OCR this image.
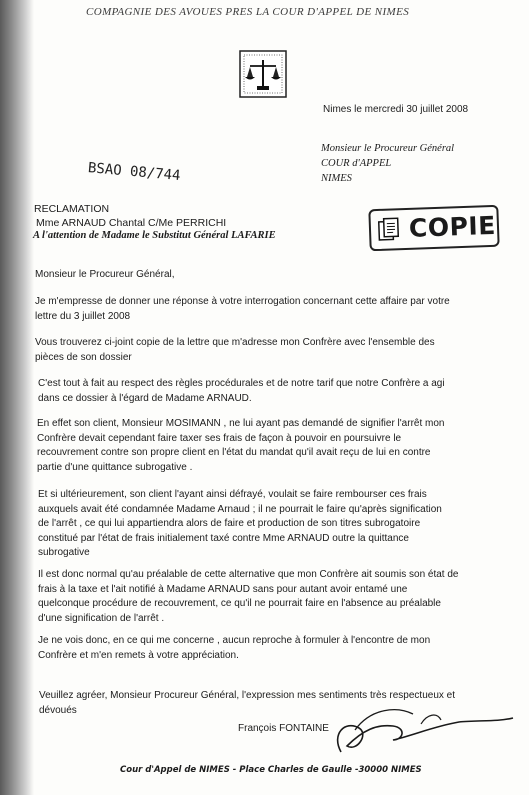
COMPAGNIE DES AVOUES PRES LA COUR D'APPEL DE NIMES
Nimes le mercredi 30 juillet 2008
Monsieur le Procureur Général
COUR d'APPEL
NIMES
BSAO 08/744
COPIE
RECLAMATION
Mme ARNAUD Chantal C/Me PERRICHI
A l'attention de Madame le Substitut Général LAFARIE
Monsieur le Procureur Général,
Je m'empresse de donner une réponse à votre interrogation concernant cette affaire par votre
lettre du 3 juillet 2008
Vous trouverez ci-joint copie de la lettre que m'adresse mon Confrère avec l'ensemble des
pièces de son dossier
C'est tout à fait au respect des règles procédurales et de notre tarif que notre Confrère a agi
dans ce dossier à l'égard de Madame ARNAUD.
En effet son client, Monsieur MOSIMANN , ne lui ayant pas demandé de signifier l'arrêt mon
Confrère devait cependant faire taxer ses frais de façon à pouvoir en poursuivre le
recouvrement contre son propre client en l'état du mandat qu'il avait reçu de lui en contre
partie d'une quittance subrogative .
Et si ultérieurement, son client l'ayant ainsi défrayé, voulait se faire rembourser ces frais
auxquels avait été condamnée Madame Arnaud ; il ne pourrait le faire qu'après signification
de l'arrêt , ce qui lui appartiendra alors de faire et production de son titres subrogatoire
constitué par l'état de frais initialement taxé contre Mme ARNAUD outre la quittance
subrogative
Il est donc normal qu'au préalable de cette alternative que mon Confrère ait soumis son état de
frais à la taxe et l'ait notifié à Madame ARNAUD sans pour autant avoir entamé une
quelconque procédure de recouvrement, ce qu'il ne pourrait faire en l'absence au préalable
d'une signification de l'arrêt .
Je ne vois donc, en ce qui me concerne , aucun reproche à formuler à l'encontre de mon
Confrère et m'en remets à votre appréciation.
Veuillez agréer, Monsieur Procureur Général, l'expression mes sentiments très respectueux et
dévoués
François FONTAINE
Cour d'Appel de NIMES - Place Charles de Gaulle -30000 NIMES
